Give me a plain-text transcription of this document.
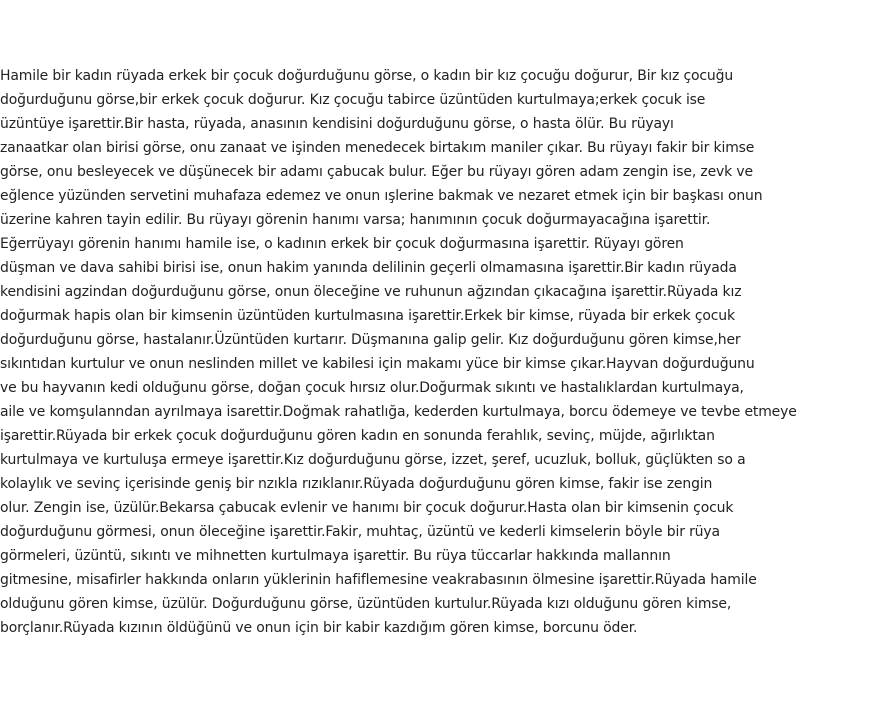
Hamile bir kadın rüyada erkek bir çocuk doğurduğunu görse, o kadın bir kız çocuğu doğurur, Bir kız çocuğu
doğurduğunu görse,bir erkek çocuk doğurur. Kız çocuğu tabirce üzüntüden kurtulmaya;erkek çocuk ise
üzüntüye işarettir.Bir hasta, rüyada, anasının kendisini doğurduğunu görse, o hasta ölür. Bu rüyayı
zanaatkar olan birisi görse, onu zanaat ve işinden menedecek birtakım maniler çıkar. Bu rüyayı fakir bir kimse
görse, onu besleyecek ve düşünecek bir adamı çabucak bulur. Eğer bu rüyayı gören adam zengin ise, zevk ve
eğlence yüzünden servetini muhafaza edemez ve onun ışlerine bakmak ve nezaret etmek için bir başkası onun
üzerine kahren tayin edilir. Bu rüyayı görenin hanımı varsa; hanımının çocuk doğurmayacağına işarettir.
Eğerrüyayı görenin hanımı hamile ise, o kadının erkek bir çocuk doğurmasına işarettir. Rüyayı gören
düşman ve dava sahibi birisi ise, onun hakim yanında delilinin geçerli olmamasına işarettir.Bir kadın rüyada
kendisini agzindan doğurduğunu görse, onun öleceğine ve ruhunun ağzından çıkacağına işarettir.Rüyada kız
doğurmak hapis olan bir kimsenin üzüntüden kurtulmasına işarettir.Erkek bir kimse, rüyada bir erkek çocuk
doğurduğunu görse, hastalanır.Üzüntüden kurtarır. Düşmanına galip gelir. Kız doğurduğunu gören kimse,her
sıkıntıdan kurtulur ve onun neslinden millet ve kabilesi için makamı yüce bir kimse çıkar.Hayvan doğurduğunu
ve bu hayvanın kedi olduğunu görse, doğan çocuk hırsız olur.Doğurmak sıkıntı ve hastalıklardan kurtulmaya,
aile ve komşulanndan ayrılmaya isarettir.Doğmak rahatlığa, kederden kurtulmaya, borcu ödemeye ve tevbe etmeye
işarettir.Rüyada bir erkek çocuk doğurduğunu gören kadın en sonunda ferahlık, sevinç, müjde, ağırlıktan
kurtulmaya ve kurtuluşa ermeye işarettir.Kız doğurduğunu görse, izzet, şeref, ucuzluk, bolluk, güçlükten so a
kolaylık ve sevinç içerisinde geniş bir nzıkla rızıklanır.Rüyada doğurduğunu gören kimse, fakir ise zengin
olur. Zengin ise, üzülür.Bekarsa çabucak evlenir ve hanımı bir çocuk doğurur.Hasta olan bir kimsenin çocuk
doğurduğunu görmesi, onun öleceğine işarettir.Fakir, muhtaç, üzüntü ve kederli kimselerin böyle bir rüya
görmeleri, üzüntü, sıkıntı ve mihnetten kurtulmaya işarettir. Bu rüya tüccarlar hakkında mallannın
gitmesine, misafirler hakkında onların yüklerinin hafiflemesine veakrabasının ölmesine işarettir.Rüyada hamile
olduğunu gören kimse, üzülür. Doğurduğunu görse, üzüntüden kurtulur.Rüyada kızı olduğunu gören kimse,
borçlanır.Rüyada kızının öldüğünü ve onun için bir kabir kazdığım gören kimse, borcunu öder.
